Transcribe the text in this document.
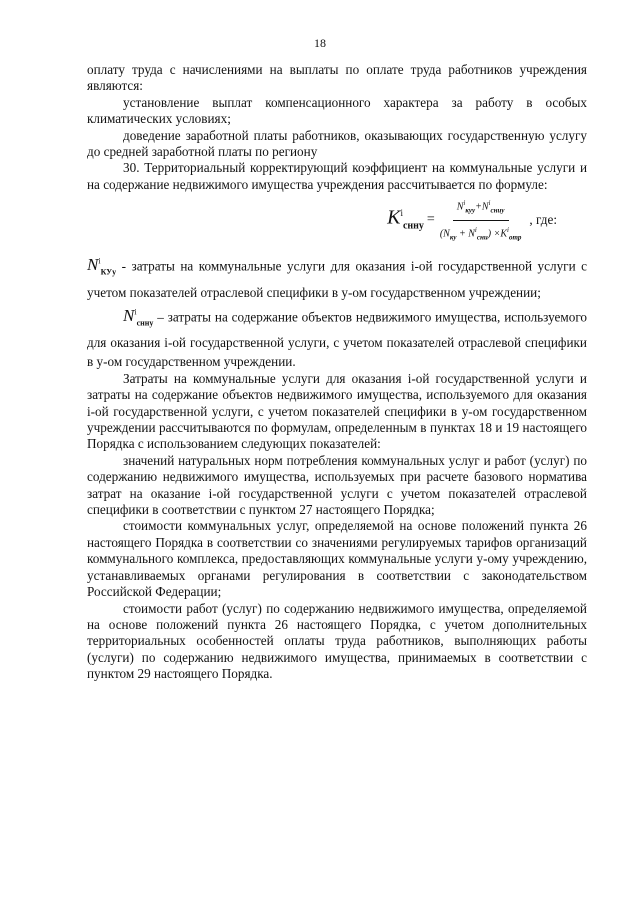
18

оплату труда с начислениями на выплаты по оплате труда работников учреждения являются:

установление выплат компенсационного характера за работу в особых климатических условиях;

доведение заработной платы работников, оказывающих государственную услугу до средней заработной платы по региону

30. Территориальный корректирующий коэффициент на коммунальные услуги и на содержание недвижимого имущества учреждения рассчитывается по формуле:

$K^i_{снну} = \frac{N^i_{куу}+N^i_{сниу}}{(N_{ку} + N^i_{сни}) \times K^i_{отр}}$ , где:

$N^i_{КУу}$ - затраты на коммунальные услуги для оказания i-ой государственной услуги с учетом показателей отраслевой специфики в у-ом государственном учреждении;

$N^i_{снну}$ – затраты на содержание объектов недвижимого имущества, используемого для оказания i-ой государственной услуги, с учетом показателей отраслевой специфики в у-ом государственном учреждении.

Затраты на коммунальные услуги для оказания i-ой государственной услуги и затраты на содержание объектов недвижимого имущества, используемого для оказания i-ой государственной услуги, с учетом показателей специфики в у-ом государственном учреждении рассчитываются по формулам, определенным в пунктах 18 и 19 настоящего Порядка с использованием следующих показателей:

значений натуральных норм потребления коммунальных услуг и работ (услуг) по содержанию недвижимого имущества, используемых при расчете базового норматива затрат на оказание i-ой государственной услуги с учетом показателей отраслевой специфики в соответствии с пунктом 27 настоящего Порядка;

стоимости коммунальных услуг, определяемой на основе положений пункта 26 настоящего Порядка в соответствии со значениями регулируемых тарифов организаций коммунального комплекса, предоставляющих коммунальные услуги у-ому учреждению, устанавливаемых органами регулирования в соответствии с законодательством Российской Федерации;

стоимости работ (услуг) по содержанию недвижимого имущества, определяемой на основе положений пункта 26 настоящего Порядка, с учетом дополнительных территориальных особенностей оплаты труда работников, выполняющих работы (услуги) по содержанию недвижимого имущества, принимаемых в соответствии с пунктом 29 настоящего Порядка.
